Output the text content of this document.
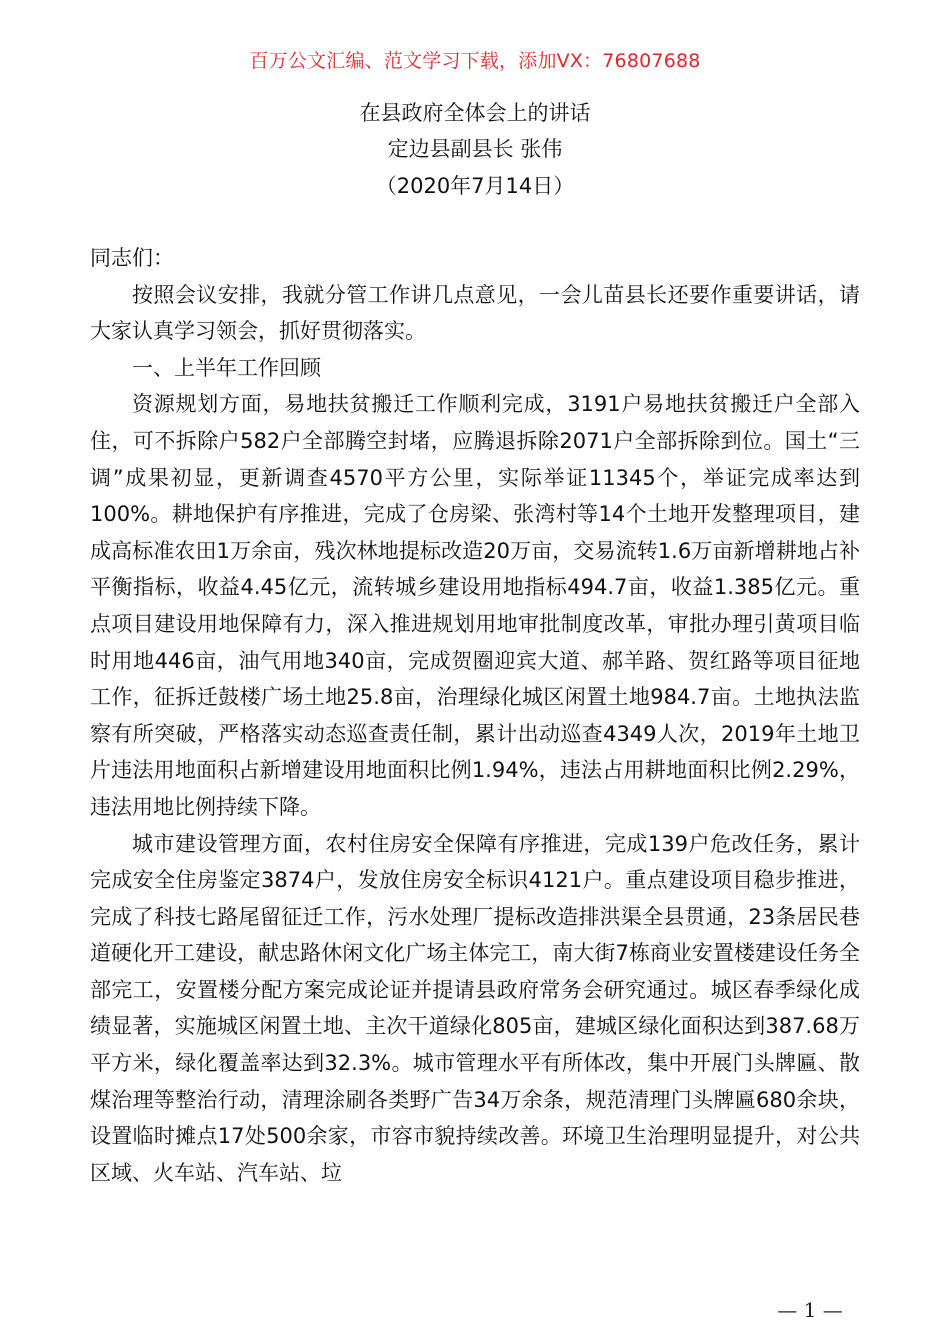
百万公文汇编、范文学习下载，添加VX：76807688
在县政府全体会上的讲话
定边县副县长 张伟
（2020年7月14日）

同志们：

按照会议安排，我就分管工作讲几点意见，一会儿苗县长还要作重要讲话，请大家认真学习领会，抓好贯彻落实。

一、上半年工作回顾

资源规划方面，易地扶贫搬迁工作顺利完成，3191户易地扶贫搬迁户全部入住，可不拆除户582户全部腾空封堵，应腾退拆除2071户全部拆除到位。国土“三调”成果初显，更新调查4570平方公里，实际举证11345个，举证完成率达到100%。耕地保护有序推进，完成了仓房梁、张湾村等14个土地开发整理项目，建成高标准农田1万余亩，残次林地提标改造20万亩，交易流转1.6万亩新增耕地占补平衡指标，收益4.45亿元，流转城乡建设用地指标494.7亩，收益1.385亿元。重点项目建设用地保障有力，深入推进规划用地审批制度改革，审批办理引黄项目临时用地446亩，油气用地340亩，完成贺圈迎宾大道、郝羊路、贺红路等项目征地工作，征拆迁鼓楼广场土地25.8亩，治理绿化城区闲置土地984.7亩。土地执法监察有所突破，严格落实动态巡查责任制，累计出动巡查4349人次，2019年土地卫片违法用地面积占新增建设用地面积比例1.94%，违法占用耕地面积比例2.29%，违法用地比例持续下降。

城市建设管理方面，农村住房安全保障有序推进，完成139户危改任务，累计完成安全住房鉴定3874户，发放住房安全标识4121户。重点建设项目稳步推进，完成了科技七路尾留征迁工作，污水处理厂提标改造排洪渠全县贯通，23条居民巷道硬化开工建设，献忠路休闲文化广场主体完工，南大街7栋商业安置楼建设任务全部完工，安置楼分配方案完成论证并提请县政府常务会研究通过。城区春季绿化成绩显著，实施城区闲置土地、主次干道绿化805亩，建城区绿化面积达到387.68万平方米，绿化覆盖率达到32.3%。城市管理水平有所体改，集中开展门头牌匾、散煤治理等整治行动，清理涂刷各类野广告34万余条，规范清理门头牌匾680余块，设置临时摊点17处500余家，市容市貌持续改善。环境卫生治理明显提升，对公共区域、火车站、汽车站、垃

— 1 —
